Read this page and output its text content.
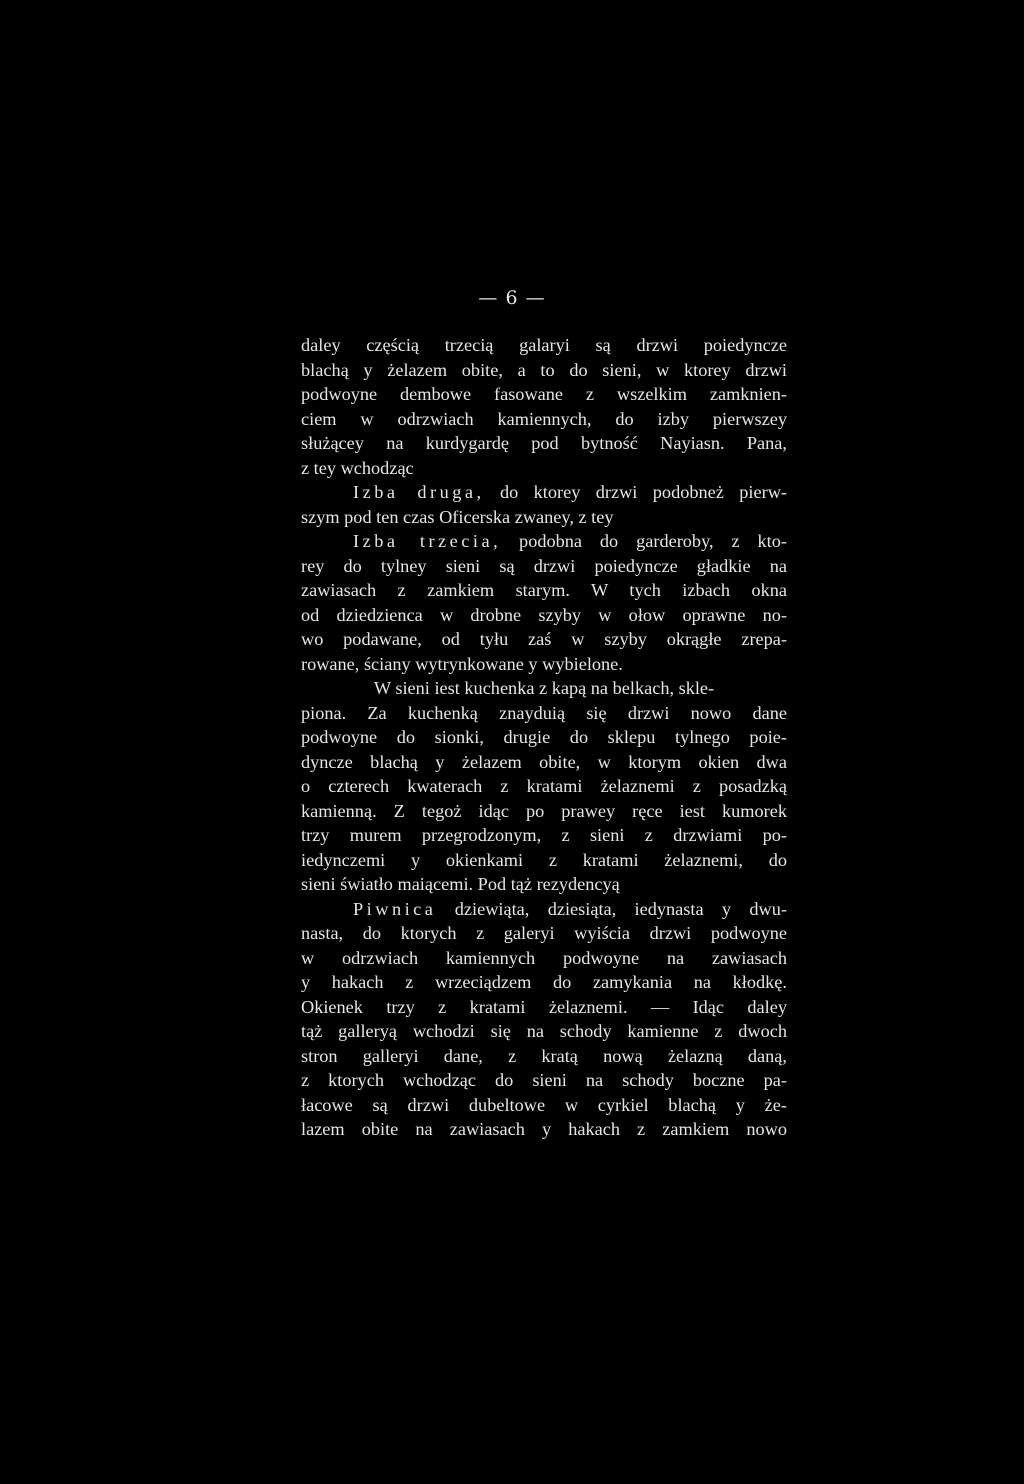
— 6 —
daley częścią trzecią galaryi są drzwi poiedyncze
blachą y żelazem obite, a to do sieni, w ktorey drzwi
podwoyne dembowe fasowane z wszelkim zamknien-
ciem w odrzwiach kamiennych, do izby pierwszey
służącey na kurdygardę pod bytność Nayiasn. Pana,
z tey wchodząc
Izba druga, do ktorey drzwi podobneż pierw-
szym pod ten czas Oficerska zwaney, z tey
Izba trzecia, podobna do garderoby, z kto-
rey do tylney sieni są drzwi poiedyncze gładkie na
zawiasach z zamkiem starym. W tych izbach okna
od dziedzienca w drobne szyby w ołow oprawne no-
wo podawane, od tyłu zaś w szyby okrągłe zrepa-
rowane, ściany wytrynkowane y wybielone.
W sieni iest kuchenka z kapą na belkach, skle-
piona. Za kuchenką znayduią się drzwi nowo dane
podwoyne do sionki, drugie do sklepu tylnego poie-
dyncze blachą y żelazem obite, w ktorym okien dwa
o czterech kwaterach z kratami żelaznemi z posadzką
kamienną. Z tegoż idąc po prawey ręce iest kumorek
trzy murem przegrodzonym, z sieni z drzwiami po-
iedynczemi y okienkami z kratami żelaznemi, do
sieni światło maiącemi. Pod tąż rezydencyą
Piwnica dziewiąta, dziesiąta, iedynasta y dwu-
nasta, do ktorych z galeryi wyiścia drzwi podwoyne
w odrzwiach kamiennych podwoyne na zawiasach
y hakach z wrzeciądzem do zamykania na kłodkę.
Okienek trzy z kratami żelaznemi. — Idąc daley
tąż galleryą wchodzi się na schody kamienne z dwoch
stron galleryi dane, z kratą nową żelazną daną,
z ktorych wchodząc do sieni na schody boczne pa-
łacowe są drzwi dubeltowe w cyrkiel blachą y że-
lazem obite na zawiasach y hakach z zamkiem nowo
